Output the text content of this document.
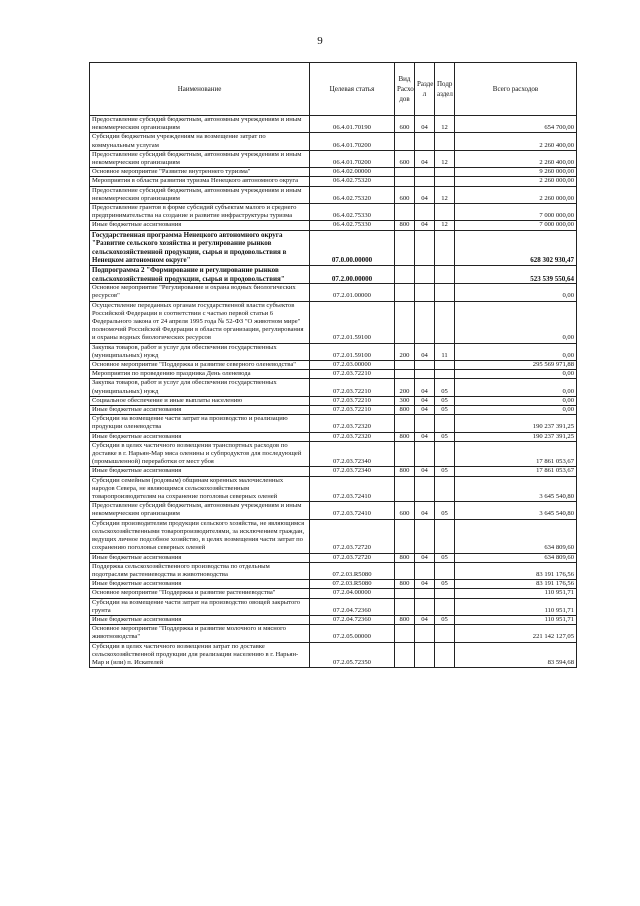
9
Наименование	Целевая статья	Вид Расхо дов	Разде л	Подр аздел	Всего расходов
Предоставление субсидий бюджетным, автономным учреждениям и иным некоммерческим организациям	06.4.01.70190	600	04	12	654 700,00
Субсидии бюджетным учреждениям на возмещение затрат по коммунальным услугам	06.4.01.70200				2 260 400,00
Предоставление субсидий бюджетным, автономным учреждениям и иным некоммерческим организациям	06.4.01.70200	600	04	12	2 260 400,00
Основное мероприятие "Развитие внутреннего туризма"	06.4.02.00000				9 260 000,00
Мероприятия в области развития туризма Ненецкого автономного округа	06.4.02.75320				2 260 000,00
Предоставление субсидий бюджетным, автономным учреждениям и иным некоммерческим организациям	06.4.02.75320	600	04	12	2 260 000,00
Предоставление грантов в форме субсидий субъектам малого и среднего предпринимательства на создание и развитие инфраструктуры туризма	06.4.02.75330				7 000 000,00
Иные бюджетные ассигнования	06.4.02.75330	800	04	12	7 000 000,00
Государственная программа Ненецкого автономного округа "Развитие сельского хозяйства и регулирование рынков сельскохозяйственной продукции, сырья и продовольствия в Ненецком автономном округе"	07.0.00.00000				628 302 930,47
Подпрограмма 2 "Формирование и регулирование рынков сельскохозяйственной продукции, сырья и продовольствия"	07.2.00.00000				523 539 550,64
Основное мероприятие "Регулирование и охрана водных биологических ресурсов"	07.2.01.00000				0,00
Осуществление переданных органам государственной власти субъектов Российской Федерации в соответствии с частью первой статьи 6 Федерального закона от 24 апреля 1995 года № 52-ФЗ "О животном мире" полномочий Российской Федерации в области организации, регулирования и охраны водных биологических ресурсов	07.2.01.59100				0,00
Закупка товаров, работ и услуг для обеспечения государственных (муниципальных) нужд	07.2.01.59100	200	04	11	0,00
Основное мероприятие "Поддержка и развитие северного оленеводства"	07.2.03.00000				295 569 971,88
Мероприятия по проведению праздника День оленевода	07.2.03.72210				0,00
Закупка товаров, работ и услуг для обеспечения государственных (муниципальных) нужд	07.2.03.72210	200	04	05	0,00
Социальное обеспечение и иные выплаты населению	07.2.03.72210	300	04	05	0,00
Иные бюджетные ассигнования	07.2.03.72210	800	04	05	0,00
Субсидии на возмещение части затрат на производство и реализацию продукции оленеводства	07.2.03.72320				190 237 391,25
Иные бюджетные ассигнования	07.2.03.72320	800	04	05	190 237 391,25
Субсидии в целях частичного возмещения транспортных расходов по доставке в г. Нарьян-Мар мяса оленины и субпродуктов для последующей (промышленной) переработки от мест убоя	07.2.03.72340				17 861 053,67
Иные бюджетные ассигнования	07.2.03.72340	800	04	05	17 861 053,67
Субсидии семейным (родовым) общинам коренных малочисленных народов Севера, не являющимся сельскохозяйственным товаропроизводителям на сохранение поголовья северных оленей	07.2.03.72410				3 645 540,80
Предоставление субсидий бюджетным, автономным учреждениям и иным некоммерческим организациям	07.2.03.72410	600	04	05	3 645 540,80
Субсидии производителям продукции сельского хозяйства, не являющимся сельскохозяйственными товаропроизводителями, за исключением граждан, ведущих личное подсобное хозяйство, в целях возмещения части затрат по сохранению поголовья северных оленей	07.2.03.72720				634 809,60
Иные бюджетные ассигнования	07.2.03.72720	800	04	05	634 809,60
Поддержка сельскохозяйственного производства по отдельным подотраслям растениеводства и животноводства	07.2.03.R5080				83 191 176,56
Иные бюджетные ассигнования	07.2.03.R5080	800	04	05	83 191 176,56
Основное мероприятие "Поддержка и развитие растениеводства"	07.2.04.00000				110 951,71
Субсидии на возмещение части затрат на производство овощей закрытого грунта	07.2.04.72360				110 951,71
Иные бюджетные ассигнования	07.2.04.72360	800	04	05	110 951,71
Основное мероприятие "Поддержка и развитие молочного и мясного животноводства"	07.2.05.00000				221 142 127,05
Субсидии в целях частичного возмещения затрат по доставке сельскохозяйственной продукции для реализации населению в г. Нарьян-Мар и (или) п. Искателей	07.2.05.72350				83 594,68
